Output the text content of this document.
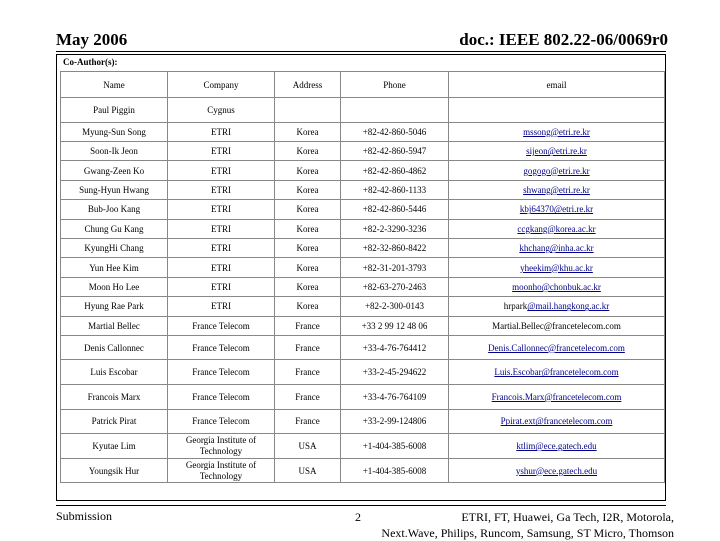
May 2006	doc.: IEEE 802.22-06/0069r0
Co-Author(s):
Name	Company	Address	Phone	email
Paul Piggin	Cygnus			
Myung-Sun Song	ETRI	Korea	+82-42-860-5046	mssong@etri.re.kr
Soon-Ik Jeon	ETRI	Korea	+82-42-860-5947	sijeon@etri.re.kr
Gwang-Zeen Ko	ETRI	Korea	+82-42-860-4862	gogogo@etri.re.kr
Sung-Hyun Hwang	ETRI	Korea	+82-42-860-1133	shwang@etri.re.kr
Bub-Joo Kang	ETRI	Korea	+82-42-860-5446	kbj64370@etri.re.kr
Chung Gu Kang	ETRI	Korea	+82-2-3290-3236	ccgkang@korea.ac.kr
KyungHi Chang	ETRI	Korea	+82-32-860-8422	khchang@inha.ac.kr
Yun Hee Kim	ETRI	Korea	+82-31-201-3793	yheekim@khu.ac.kr
Moon Ho Lee	ETRI	Korea	+82-63-270-2463	moonho@chonbuk.ac.kr
Hyung Rae Park	ETRI	Korea	+82-2-300-0143	hrpark@mail.hangkong.ac.kr
Martial Bellec	France Telecom	France	+33 2 99 12 48 06	Martial.Bellec@francetelecom.com
Denis Callonnec	France Telecom	France	+33-4-76-764412	Denis.Callonnec@francetelecom.com
Luis Escobar	France Telecom	France	+33-2-45-294622	Luis.Escobar@francetelecom.com
Francois Marx	France Telecom	France	+33-4-76-764109	Francois.Marx@francetelecom.com
Patrick Pirat	France Telecom	France	+33-2-99-124806	Ppirat.ext@francetelecom.com
Kyutae Lim	Georgia Institute of Technology	USA	+1-404-385-6008	ktlim@ece.gatech.edu
Youngsik Hur	Georgia Institute of Technology	USA	+1-404-385-6008	yshur@ece.gatech.edu
Submission	2	ETRI, FT, Huawei, Ga Tech, I2R, Motorola,
Next.Wave, Philips, Runcom, Samsung, ST Micro, Thomson
